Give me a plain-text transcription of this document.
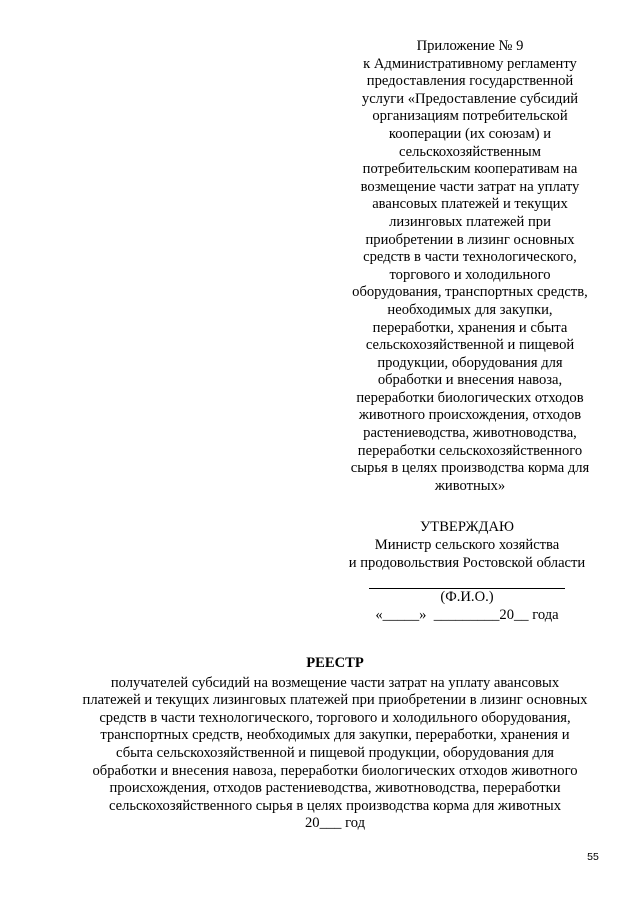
Приложение № 9
к Административному регламенту
предоставления государственной
услуги «Предоставление субсидий
организациям потребительской
кооперации (их союзам) и
сельскохозяйственным
потребительским кооперативам на
возмещение части затрат на уплату
авансовых платежей и текущих
лизинговых платежей при
приобретении в лизинг основных
средств в части технологического,
торгового и холодильного
оборудования, транспортных средств,
необходимых для закупки,
переработки, хранения и сбыта
сельскохозяйственной и пищевой
продукции, оборудования для
обработки и внесения навоза,
переработки биологических отходов
животного происхождения, отходов
растениеводства, животноводства,
переработки сельскохозяйственного
сырья в целях производства корма для
животных»
УТВЕРЖДАЮ
Министр сельского хозяйства
и продовольствия Ростовской области
(Ф.И.О.)
«_____»  _________20__ года
РЕЕСТР
получателей субсидий на возмещение части затрат на уплату авансовых
платежей и текущих лизинговых платежей при приобретении в лизинг основных
средств в части технологического, торгового и холодильного оборудования,
транспортных средств, необходимых для закупки, переработки, хранения и
сбыта сельскохозяйственной и пищевой продукции, оборудования для
обработки и внесения навоза, переработки биологических отходов животного
происхождения, отходов растениеводства, животноводства, переработки
сельскохозяйственного сырья в целях производства корма для животных
20___ год
55
